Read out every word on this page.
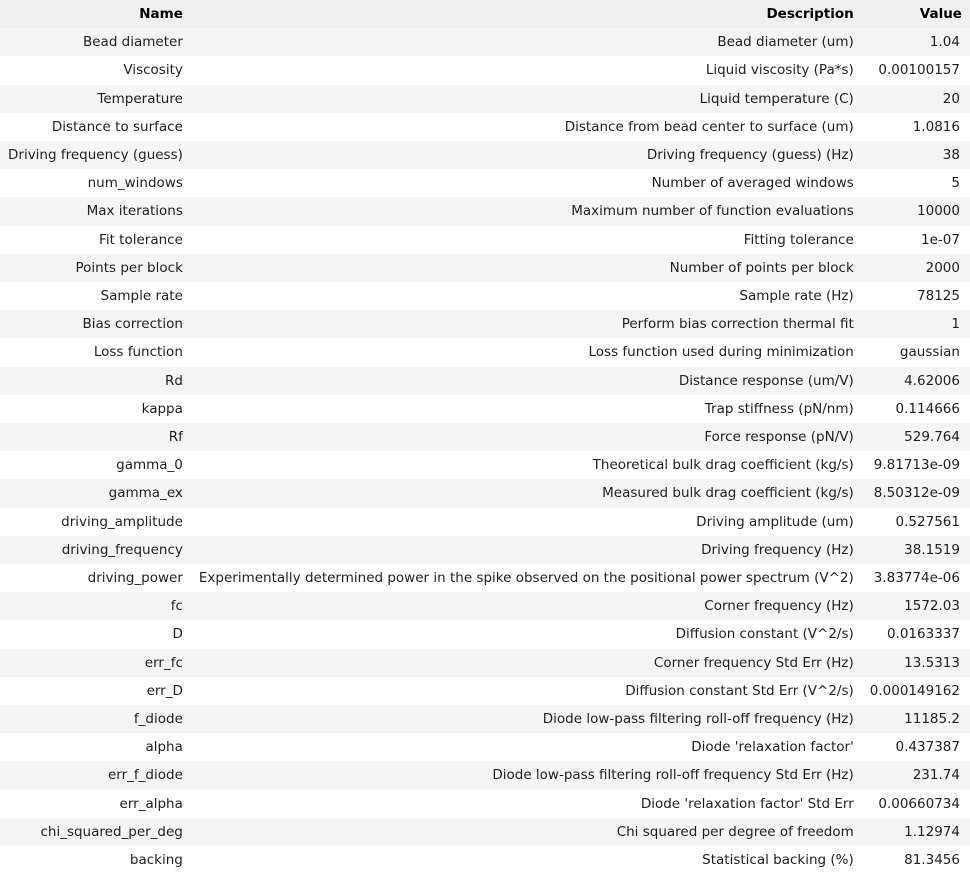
Name	Description	Value
Bead diameter	Bead diameter (um)	1.04
Viscosity	Liquid viscosity (Pa*s)	0.00100157
Temperature	Liquid temperature (C)	20
Distance to surface	Distance from bead center to surface (um)	1.0816
Driving frequency (guess)	Driving frequency (guess) (Hz)	38
num_windows	Number of averaged windows	5
Max iterations	Maximum number of function evaluations	10000
Fit tolerance	Fitting tolerance	1e-07
Points per block	Number of points per block	2000
Sample rate	Sample rate (Hz)	78125
Bias correction	Perform bias correction thermal fit	1
Loss function	Loss function used during minimization	gaussian
Rd	Distance response (um/V)	4.62006
kappa	Trap stiffness (pN/nm)	0.114666
Rf	Force response (pN/V)	529.764
gamma_0	Theoretical bulk drag coefficient (kg/s)	9.81713e-09
gamma_ex	Measured bulk drag coefficient (kg/s)	8.50312e-09
driving_amplitude	Driving amplitude (um)	0.527561
driving_frequency	Driving frequency (Hz)	38.1519
driving_power	Experimentally determined power in the spike observed on the positional power spectrum (V^2)	3.83774e-06
fc	Corner frequency (Hz)	1572.03
D	Diffusion constant (V^2/s)	0.0163337
err_fc	Corner frequency Std Err (Hz)	13.5313
err_D	Diffusion constant Std Err (V^2/s)	0.000149162
f_diode	Diode low-pass filtering roll-off frequency (Hz)	11185.2
alpha	Diode 'relaxation factor'	0.437387
err_f_diode	Diode low-pass filtering roll-off frequency Std Err (Hz)	231.74
err_alpha	Diode 'relaxation factor' Std Err	0.00660734
chi_squared_per_deg	Chi squared per degree of freedom	1.12974
backing	Statistical backing (%)	81.3456
